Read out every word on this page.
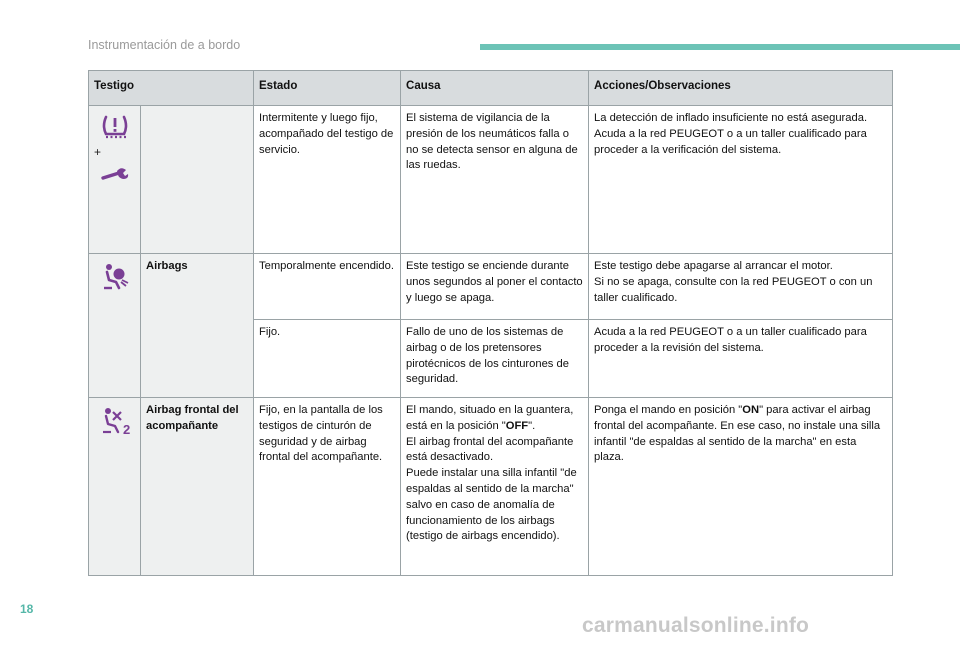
Instrumentación de a bordo
Testigo		Estado	Causa	Acciones/Observaciones

+		Intermitente y luego fijo, acompañado del testigo de servicio.	El sistema de vigilancia de la presión de los neumáticos falla o no se detecta sensor en alguna de las ruedas.	La detección de inflado insuficiente no está asegurada.
Acuda a la red PEUGEOT o a un taller cualificado para proceder a la verificación del sistema.

	Airbags	Temporalmente encendido.	Este testigo se enciende durante unos segundos al poner el contacto y luego se apaga.	Este testigo debe apagarse al arrancar el motor.
Si no se apaga, consulte con la red PEUGEOT o con un taller cualificado.
		Fijo.	Fallo de uno de los sistemas de airbag o de los pretensores pirotécnicos de los cinturones de seguridad.	Acuda a la red PEUGEOT o a un taller cualificado para proceder a la revisión del sistema.

2	Airbag frontal del acompañante	Fijo, en la pantalla de los testigos de cinturón de seguridad y de airbag frontal del acompañante.	El mando, situado en la guantera, está en la posición "OFF".
El airbag frontal del acompañante está desactivado.
Puede instalar una silla infantil "de espaldas al sentido de la marcha" salvo en caso de anomalía de funcionamiento de los airbags (testigo de airbags encendido).	Ponga el mando en posición "ON" para activar el airbag frontal del acompañante. En ese caso, no instale una silla infantil "de espaldas al sentido de la marcha" en esta plaza.
18
carmanualsonline.info
